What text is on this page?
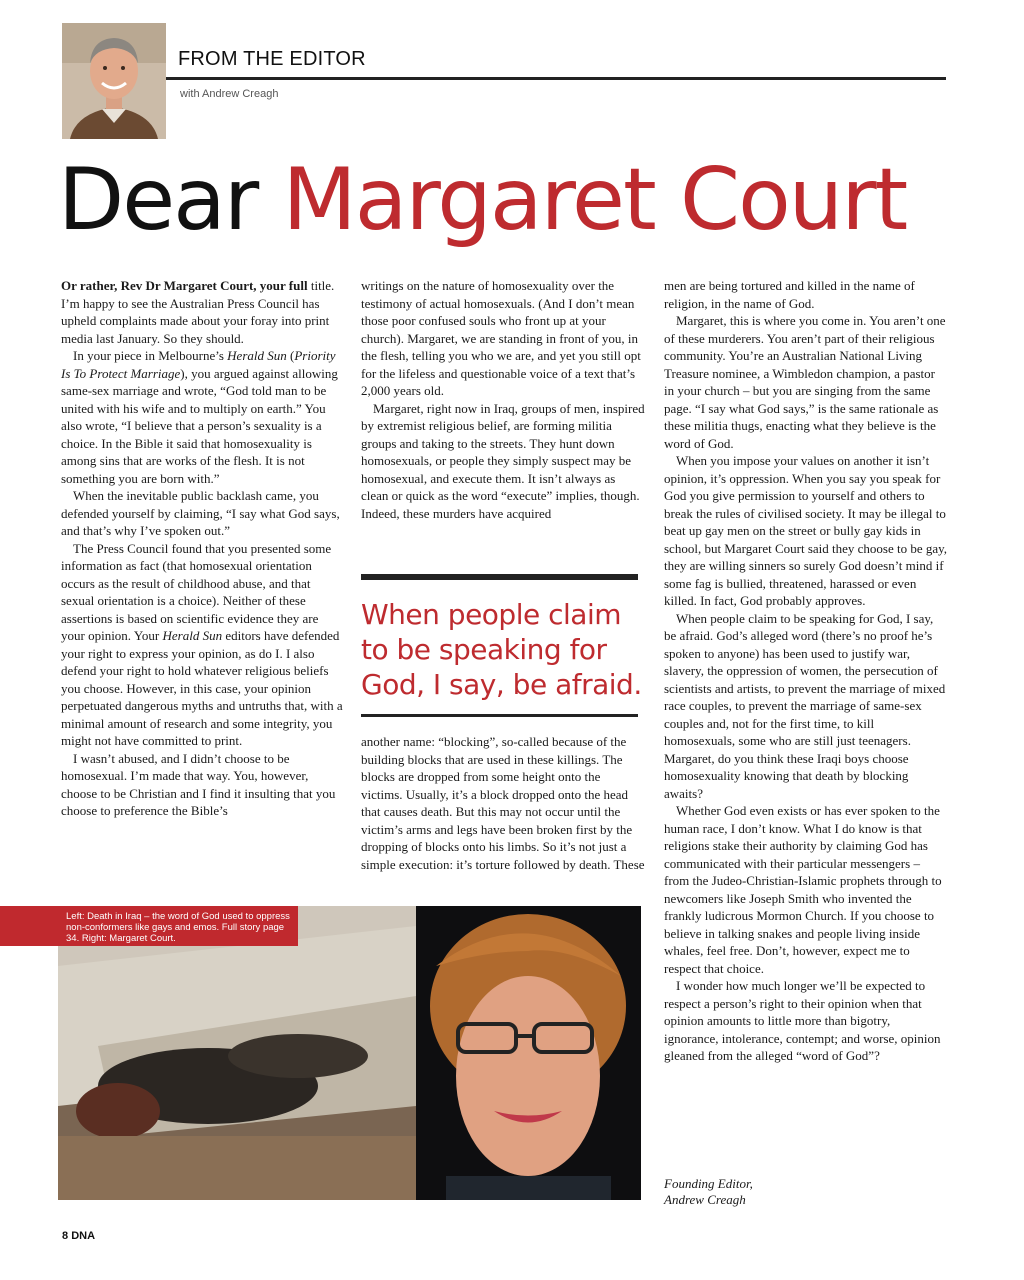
FROM THE EDITOR
with Andrew Creagh
Dear Margaret Court

Or rather, Rev Dr Margaret Court, your full title. I’m happy to see the Australian Press Council has upheld complaints made about your foray into print media last January. So they should.

In your piece in Melbourne’s Herald Sun (Priority Is To Protect Marriage), you argued against allowing same-sex marriage and wrote, “God told man to be united with his wife and to multiply on earth.” You also wrote, “I believe that a person’s sexuality is a choice. In the Bible it said that homosexuality is among sins that are works of the flesh. It is not something you are born with.”

When the inevitable public backlash came, you defended yourself by claiming, “I say what God says, and that’s why I’ve spoken out.”

The Press Council found that you presented some information as fact (that homosexual orientation occurs as the result of childhood abuse, and that sexual orientation is a choice). Neither of these assertions is based on scientific evidence they are your opinion. Your Herald Sun editors have defended your right to express your opinion, as do I. I also defend your right to hold whatever religious beliefs you choose. However, in this case, your opinion perpetuated dangerous myths and untruths that, with a minimal amount of research and some integrity, you might not have committed to print.

I wasn’t abused, and I didn’t choose to be homosexual. I’m made that way. You, however, choose to be Christian and I find it insulting that you choose to preference the Bible’s

writings on the nature of homosexuality over the testimony of actual homosexuals. (And I don’t mean those poor confused souls who front up at your church). Margaret, we are standing in front of you, in the flesh, telling you who we are, and yet you still opt for the lifeless and questionable voice of a text that’s 2,000 years old.

Margaret, right now in Iraq, groups of men, inspired by extremist religious belief, are forming militia groups and taking to the streets. They hunt down homosexuals, or people they simply suspect may be homosexual, and execute them. It isn’t always as clean or quick as the word “execute” implies, though. Indeed, these murders have acquired

When people claim to be speaking for God, I say, be afraid.

another name: “blocking”, so-called because of the building blocks that are used in these killings. The blocks are dropped from some height onto the victims. Usually, it’s a block dropped onto the head that causes death. But this may not occur until the victim’s arms and legs have been broken first by the dropping of blocks onto his limbs. So it’s not just a simple execution: it’s torture followed by death. These

men are being tortured and killed in the name of religion, in the name of God.

Margaret, this is where you come in. You aren’t one of these murderers. You aren’t part of their religious community. You’re an Australian National Living Treasure nominee, a Wimbledon champion, a pastor in your church – but you are singing from the same page. “I say what God says,” is the same rationale as these militia thugs, enacting what they believe is the word of God.

When you impose your values on another it isn’t opinion, it’s oppression. When you say you speak for God you give permission to yourself and others to break the rules of civilised society. It may be illegal to beat up gay men on the street or bully gay kids in school, but Margaret Court said they choose to be gay, they are willing sinners so surely God doesn’t mind if some fag is bullied, threatened, harassed or even killed. In fact, God probably approves.

When people claim to be speaking for God, I say, be afraid. God’s alleged word (there’s no proof he’s spoken to anyone) has been used to justify war, slavery, the oppression of women, the persecution of scientists and artists, to prevent the marriage of mixed race couples, to prevent the marriage of same-sex couples and, not for the first time, to kill homosexuals, some who are still just teenagers. Margaret, do you think these Iraqi boys choose homosexuality knowing that death by blocking awaits?

Whether God even exists or has ever spoken to the human race, I don’t know. What I do know is that religions stake their authority by claiming God has communicated with their particular messengers – from the Judeo-Christian-Islamic prophets through to newcomers like Joseph Smith who invented the frankly ludicrous Mormon Church. If you choose to believe in talking snakes and people living inside whales, feel free. Don’t, however, expect me to respect that choice.

I wonder how much longer we’ll be expected to respect a person’s right to their opinion when that opinion amounts to little more than bigotry, ignorance, intolerance, contempt; and worse, opinion gleaned from the alleged “word of God”?

Founding Editor,
Andrew Creagh
Left: Death in Iraq – the word of God used to oppress non-conformers like gays and emos. Full story page 34. Right: Margaret Court.
8 DNA
